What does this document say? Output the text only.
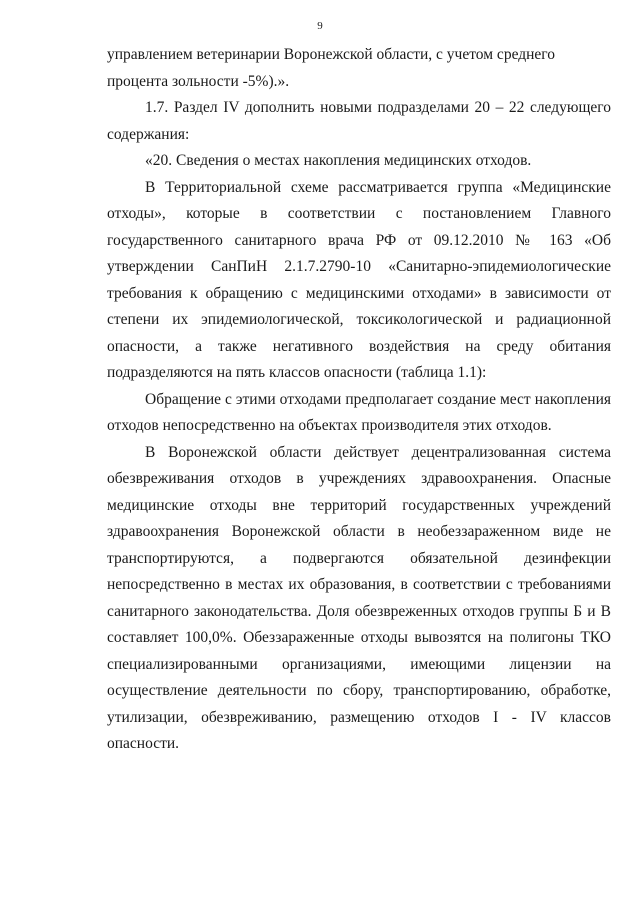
9

управлением ветеринарии Воронежской области, с учетом среднего процента зольности -5%).».

1.7. Раздел IV дополнить новыми подразделами 20 – 22 следующего содержания:

«20. Сведения о местах накопления медицинских отходов.

В Территориальной схеме рассматривается группа «Медицинские отходы», которые в соответствии с постановлением Главного государственного санитарного врача РФ от 09.12.2010 № 163 «Об утверждении СанПиН 2.1.7.2790-10 «Санитарно-эпидемиологические требования к обращению с медицинскими отходами» в зависимости от степени их эпидемиологической, токсикологической и радиационной опасности, а также негативного воздействия на среду обитания подразделяются на пять классов опасности (таблица 1.1):

Обращение с этими отходами предполагает создание мест накопления отходов непосредственно на объектах производителя этих отходов.

В Воронежской области действует децентрализованная система обезвреживания отходов в учреждениях здравоохранения. Опасные медицинские отходы вне территорий государственных учреждений здравоохранения Воронежской области в необеззараженном виде не транспортируются, а подвергаются обязательной дезинфекции непосредственно в местах их образования, в соответствии с требованиями санитарного законодательства. Доля обезвреженных отходов группы Б и В составляет 100,0%. Обеззараженные отходы вывозятся на полигоны ТКО специализированными организациями, имеющими лицензии на осуществление деятельности по сбору, транспортированию, обработке, утилизации, обезвреживанию, размещению отходов I - IV классов опасности.
